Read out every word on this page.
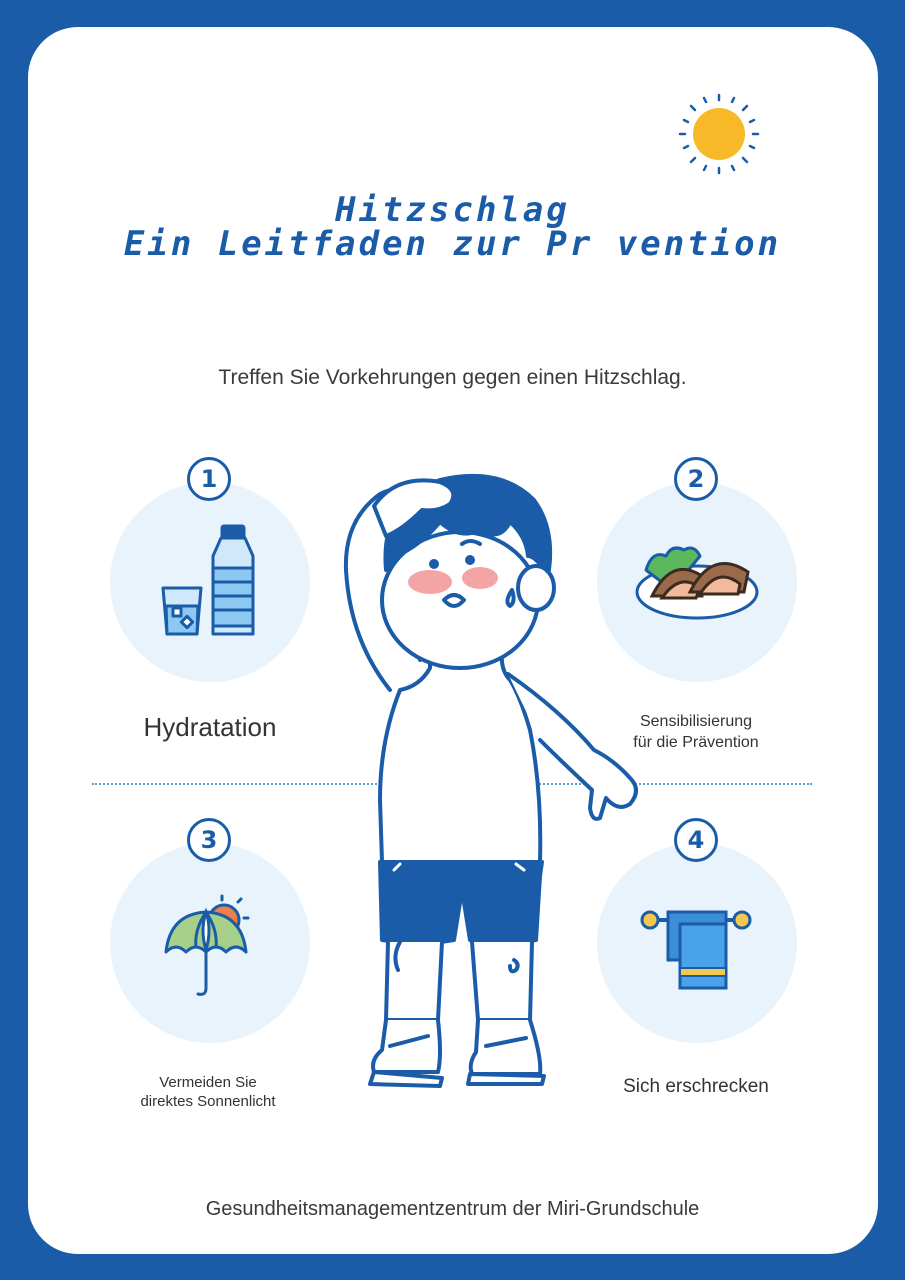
Hitzschlag
Ein Leitfaden zur Pr vention
Treffen Sie Vorkehrungen gegen einen Hitzschlag.
1	2
3	4
Hydratation	Sensibilisierung
für die Prävention
Vermeiden Sie
direktes Sonnenlicht
Sich erschrecken
Gesundheitsmanagementzentrum der Miri-Grundschule
